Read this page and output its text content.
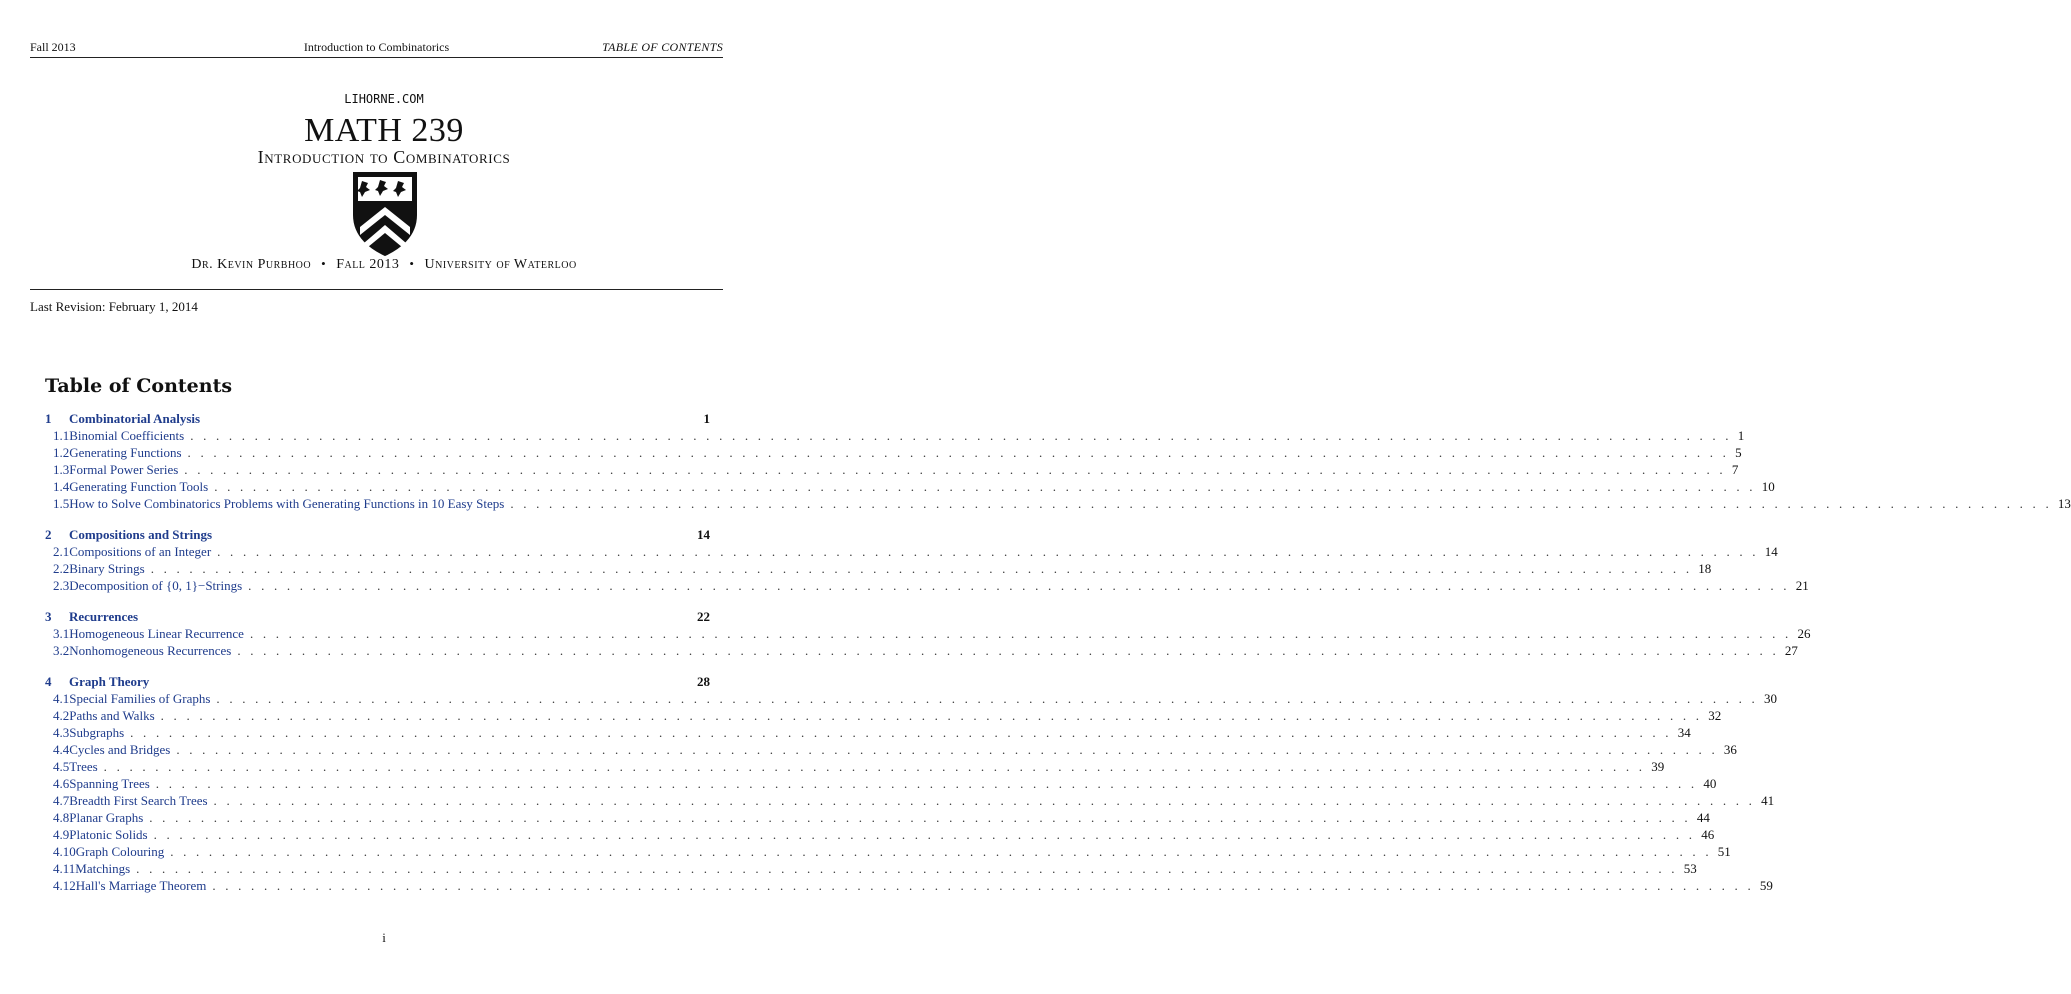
Fall 2013	Introduction to Combinatorics	TABLE OF CONTENTS
LIHORNE.COM
MATH 239
Introduction to Combinatorics
Dr. Kevin Purbhoo • Fall 2013 • University of Waterloo
Last Revision: February 1, 2014
Table of Contents
1	Combinatorial Analysis	1
1.1 Binomial Coefficients . . . . . . . . . . . . . . . . . . . . . . . . . . . . . . . . . . . . . . . . . . . . . . . . . . . . . . . . . . . . . . . . . . . . . . . . . . . . . . . . . . . . . . . . . . . . . . . . . . . . . . . . . . . . . . . . . . . . . . . . 1
1.2 Generating Functions . . . . . . . . . . . . . . . . . . . . . . . . . . . . . . . . . . . . . . . . . . . . . . . . . . . . . . . . . . . . . . . . . . . . . . . . . . . . . . . . . . . . . . . . . . . . . . . . . . . . . . . . . . . . . . . . . . . . . . . . 5
1.3 Formal Power Series . . . . . . . . . . . . . . . . . . . . . . . . . . . . . . . . . . . . . . . . . . . . . . . . . . . . . . . . . . . . . . . . . . . . . . . . . . . . . . . . . . . . . . . . . . . . . . . . . . . . . . . . . . . . . . . . . . . . . . . . 7
1.4 Generating Function Tools . . . . . . . . . . . . . . . . . . . . . . . . . . . . . . . . . . . . . . . . . . . . . . . . . . . . . . . . . . . . . . . . . . . . . . . . . . . . . . . . . . . . . . . . . . . . . . . . . . . . . . . . . . . . . . . . . . . . . . . . 10
1.5 How to Solve Combinatorics Problems with Generating Functions in 10 Easy Steps . . . . . . . . . . . . . . . . . . . . . . . . . . . . . . . . . . . . . . . . . . . . . . . . . . . . . . . . . . . . . . . . . . . . . . . . . . . . . . . . . . . . . . . . . . . . . . . . . . . . . . . . . . . . . . . . . . . . . . . . 13
2	Compositions and Strings	14
2.1 Compositions of an Integer . . . . . . . . . . . . . . . . . . . . . . . . . . . . . . . . . . . . . . . . . . . . . . . . . . . . . . . . . . . . . . . . . . . . . . . . . . . . . . . . . . . . . . . . . . . . . . . . . . . . . . . . . . . . . . . . . . . . . . . . 14
2.2 Binary Strings . . . . . . . . . . . . . . . . . . . . . . . . . . . . . . . . . . . . . . . . . . . . . . . . . . . . . . . . . . . . . . . . . . . . . . . . . . . . . . . . . . . . . . . . . . . . . . . . . . . . . . . . . . . . . . . . . . . . . . . . 18
2.3 Decomposition of {0, 1}−Strings . . . . . . . . . . . . . . . . . . . . . . . . . . . . . . . . . . . . . . . . . . . . . . . . . . . . . . . . . . . . . . . . . . . . . . . . . . . . . . . . . . . . . . . . . . . . . . . . . . . . . . . . . . . . . . . . . . . . . . . . 21
3	Recurrences	22
3.1 Homogeneous Linear Recurrence . . . . . . . . . . . . . . . . . . . . . . . . . . . . . . . . . . . . . . . . . . . . . . . . . . . . . . . . . . . . . . . . . . . . . . . . . . . . . . . . . . . . . . . . . . . . . . . . . . . . . . . . . . . . . . . . . . . . . . . . 26
3.2 Nonhomogeneous Recurrences . . . . . . . . . . . . . . . . . . . . . . . . . . . . . . . . . . . . . . . . . . . . . . . . . . . . . . . . . . . . . . . . . . . . . . . . . . . . . . . . . . . . . . . . . . . . . . . . . . . . . . . . . . . . . . . . . . . . . . . . 27
4	Graph Theory	28
4.1 Special Families of Graphs . . . . . . . . . . . . . . . . . . . . . . . . . . . . . . . . . . . . . . . . . . . . . . . . . . . . . . . . . . . . . . . . . . . . . . . . . . . . . . . . . . . . . . . . . . . . . . . . . . . . . . . . . . . . . . . . . . . . . . . . 30
4.2 Paths and Walks . . . . . . . . . . . . . . . . . . . . . . . . . . . . . . . . . . . . . . . . . . . . . . . . . . . . . . . . . . . . . . . . . . . . . . . . . . . . . . . . . . . . . . . . . . . . . . . . . . . . . . . . . . . . . . . . . . . . . . . . 32
4.3 Subgraphs . . . . . . . . . . . . . . . . . . . . . . . . . . . . . . . . . . . . . . . . . . . . . . . . . . . . . . . . . . . . . . . . . . . . . . . . . . . . . . . . . . . . . . . . . . . . . . . . . . . . . . . . . . . . . . . . . . . . . . . . 34
4.4 Cycles and Bridges . . . . . . . . . . . . . . . . . . . . . . . . . . . . . . . . . . . . . . . . . . . . . . . . . . . . . . . . . . . . . . . . . . . . . . . . . . . . . . . . . . . . . . . . . . . . . . . . . . . . . . . . . . . . . . . . . . . . . . . . 36
4.5 Trees . . . . . . . . . . . . . . . . . . . . . . . . . . . . . . . . . . . . . . . . . . . . . . . . . . . . . . . . . . . . . . . . . . . . . . . . . . . . . . . . . . . . . . . . . . . . . . . . . . . . . . . . . . . . . . . . . . . . . . . . 39
4.6 Spanning Trees . . . . . . . . . . . . . . . . . . . . . . . . . . . . . . . . . . . . . . . . . . . . . . . . . . . . . . . . . . . . . . . . . . . . . . . . . . . . . . . . . . . . . . . . . . . . . . . . . . . . . . . . . . . . . . . . . . . . . . . . 40
4.7 Breadth First Search Trees . . . . . . . . . . . . . . . . . . . . . . . . . . . . . . . . . . . . . . . . . . . . . . . . . . . . . . . . . . . . . . . . . . . . . . . . . . . . . . . . . . . . . . . . . . . . . . . . . . . . . . . . . . . . . . . . . . . . . . . . 41
4.8 Planar Graphs . . . . . . . . . . . . . . . . . . . . . . . . . . . . . . . . . . . . . . . . . . . . . . . . . . . . . . . . . . . . . . . . . . . . . . . . . . . . . . . . . . . . . . . . . . . . . . . . . . . . . . . . . . . . . . . . . . . . . . . . 44
4.9 Platonic Solids . . . . . . . . . . . . . . . . . . . . . . . . . . . . . . . . . . . . . . . . . . . . . . . . . . . . . . . . . . . . . . . . . . . . . . . . . . . . . . . . . . . . . . . . . . . . . . . . . . . . . . . . . . . . . . . . . . . . . . . . 46
4.10 Graph Colouring . . . . . . . . . . . . . . . . . . . . . . . . . . . . . . . . . . . . . . . . . . . . . . . . . . . . . . . . . . . . . . . . . . . . . . . . . . . . . . . . . . . . . . . . . . . . . . . . . . . . . . . . . . . . . . . . . . . . . . . . 51
4.11 Matchings . . . . . . . . . . . . . . . . . . . . . . . . . . . . . . . . . . . . . . . . . . . . . . . . . . . . . . . . . . . . . . . . . . . . . . . . . . . . . . . . . . . . . . . . . . . . . . . . . . . . . . . . . . . . . . . . . . . . . . . . 53
4.12 Hall's Marriage Theorem . . . . . . . . . . . . . . . . . . . . . . . . . . . . . . . . . . . . . . . . . . . . . . . . . . . . . . . . . . . . . . . . . . . . . . . . . . . . . . . . . . . . . . . . . . . . . . . . . . . . . . . . . . . . . . . . . . . . . . . . 59
i
